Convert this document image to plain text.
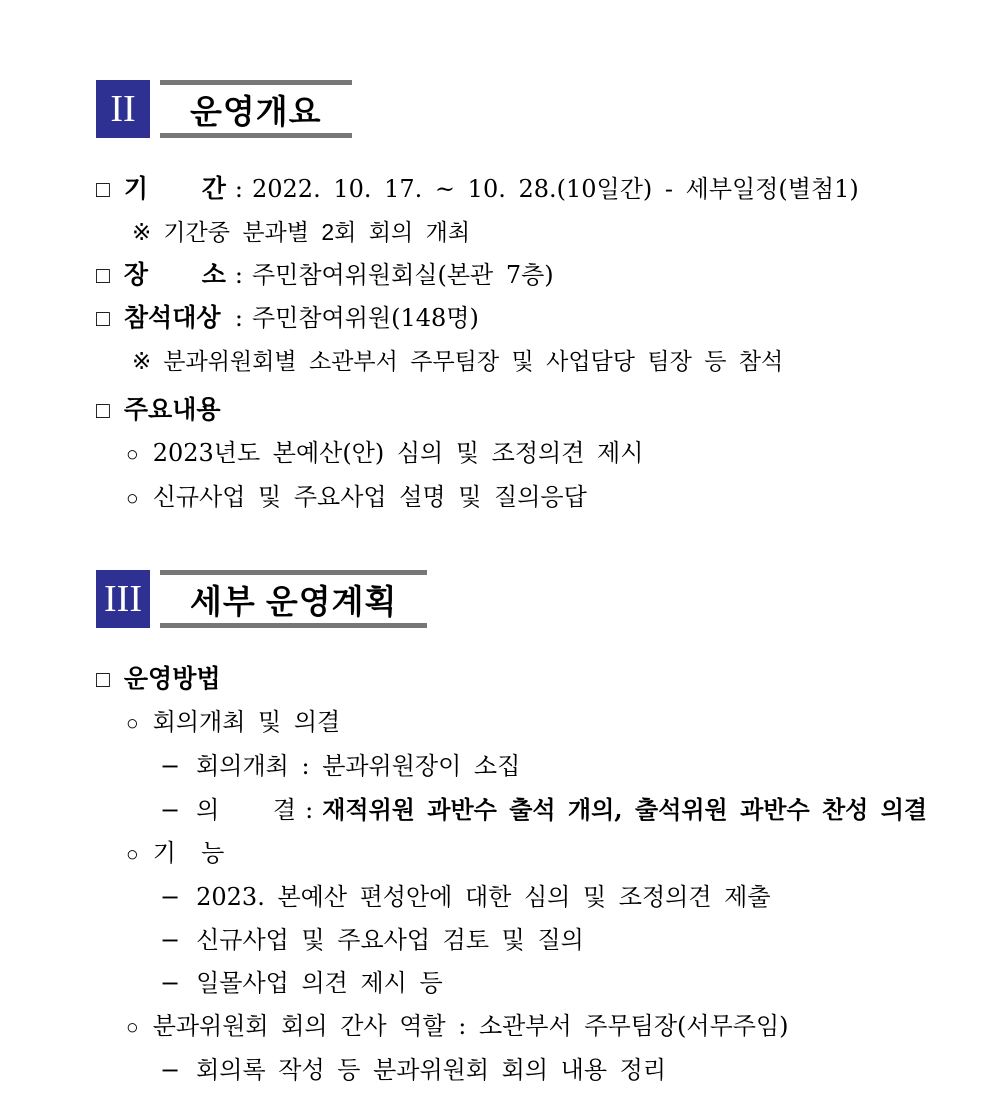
II	운영개요
□ 기 간 : 2022. 10. 17. ~ 10. 28.(10일간) - 세부일정(별첨1)
※ 기간중 분과별 2회 회의 개최
□ 장 소 : 주민참여위원회실(본관 7층)
□ 참석대상 : 주민참여위원(148명)
※ 분과위원회별 소관부서 주무팀장 및 사업담당 팀장 등 참석
□ 주요내용
○ 2023년도 본예산(안) 심의 및 조정의견 제시
○ 신규사업 및 주요사업 설명 및 질의응답
III 세부 운영계획
□ 운영방법
○ 회의개최 및 의결
− 회의개최 : 분과위원장이 소집
− 의 결 : 재적위원 과반수 출석 개의, 출석위원 과반수 찬성 의결
○ 기  능
− 2023. 본예산 편성안에 대한 심의 및 조정의견 제출
− 신규사업 및 주요사업 검토 및 질의
− 일몰사업 의견 제시 등
○ 분과위원회 회의 간사 역할 : 소관부서 주무팀장(서무주임)
− 회의록 작성 등 분과위원회 회의 내용 정리
